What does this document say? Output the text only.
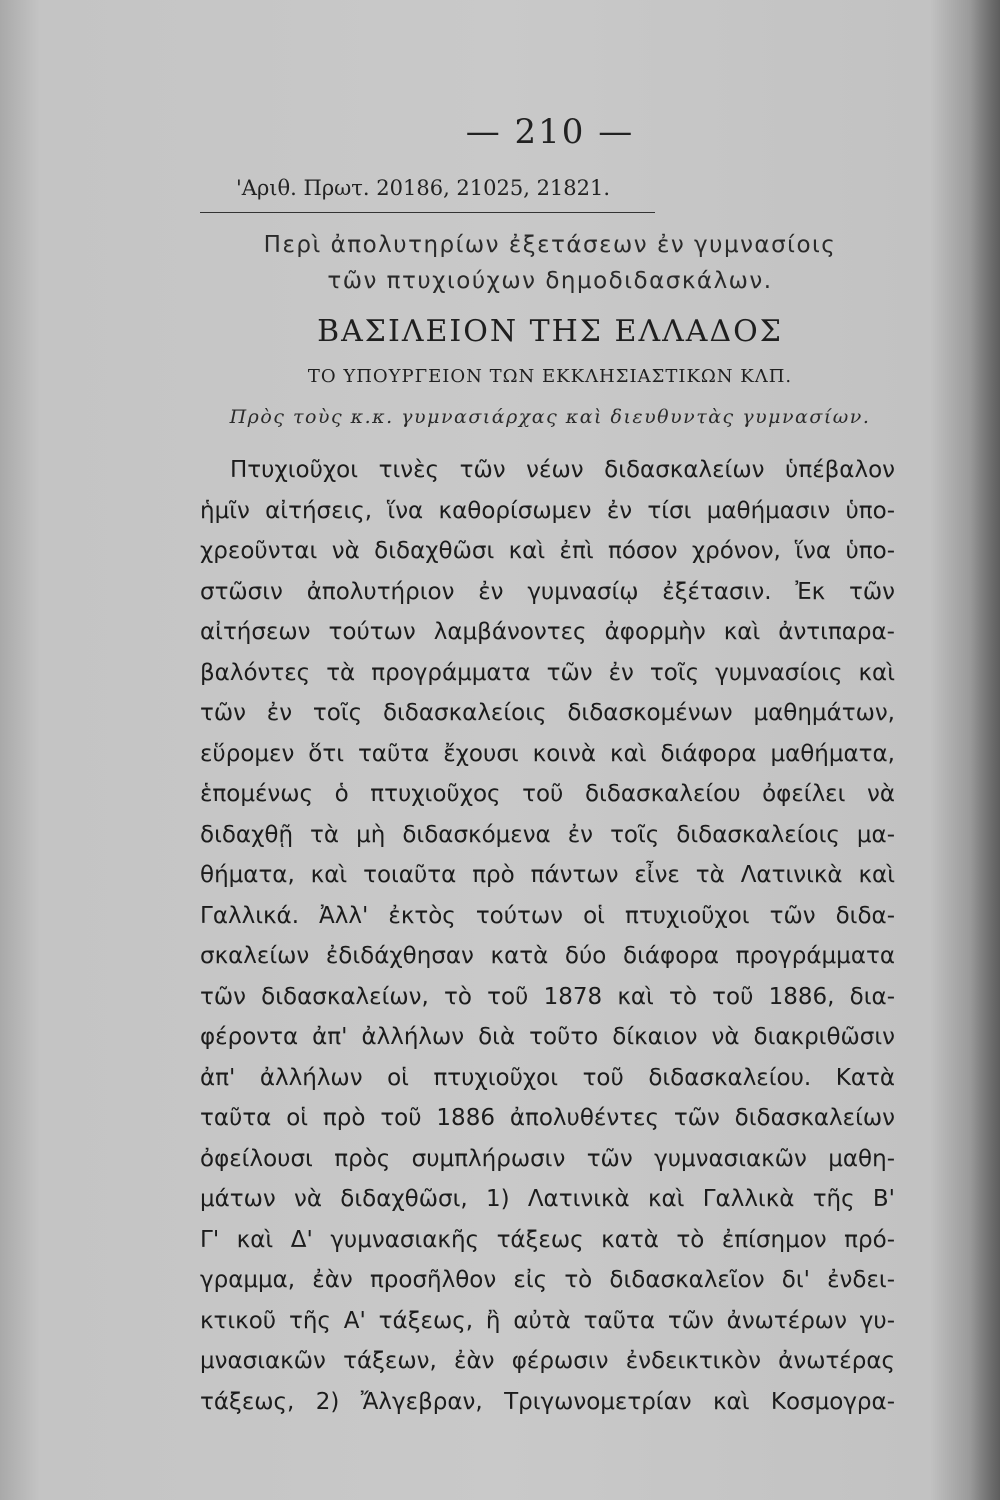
— 210 —
'Αριθ. Πρωτ. 20186, 21025, 21821.
Περὶ ἀπολυτηρίων ἐξετάσεων ἐν γυμνασίοις
τῶν πτυχιούχων δημοδιδασκάλων.
ΒΑΣΙΛΕΙΟΝ ΤΗΣ ΕΛΛΑΔΟΣ
ΤΟ ΥΠΟΥΡΓΕΙΟΝ ΤΩΝ ΕΚΚΛΗΣΙΑΣΤΙΚΩΝ ΚΛΠ.
Πρὸς τοὺς κ.κ. γυμνασιάρχας καὶ διευθυντὰς γυμνασίων.
Πτυχιοῦχοι τινὲς τῶν νέων διδασκαλείων ὑπέβαλον
ἡμῖν αἰτήσεις, ἵνα καθορίσωμεν ἐν τίσι μαθήμασιν ὑπο-
χρεοῦνται νὰ διδαχθῶσι καὶ ἐπὶ πόσον χρόνον, ἵνα ὑπο-
στῶσιν ἀπολυτήριον ἐν γυμνασίῳ ἐξέτασιν. Ἐκ τῶν
αἰτήσεων τούτων λαμβάνοντες ἀφορμὴν καὶ ἀντιπαρα-
βαλόντες τὰ προγράμματα τῶν ἐν τοῖς γυμνασίοις καὶ
τῶν ἐν τοῖς διδασκαλείοις διδασκομένων μαθημάτων,
εὕρομεν ὅτι ταῦτα ἔχουσι κοινὰ καὶ διάφορα μαθήματα,
ἑπομένως ὁ πτυχιοῦχος τοῦ διδασκαλείου ὀφείλει νὰ
διδαχθῇ τὰ μὴ διδασκόμενα ἐν τοῖς διδασκαλείοις μα-
θήματα, καὶ τοιαῦτα πρὸ πάντων εἶνε τὰ Λατινικὰ καὶ
Γαλλικά. Ἀλλ' ἐκτὸς τούτων οἱ πτυχιοῦχοι τῶν διδα-
σκαλείων ἐδιδάχθησαν κατὰ δύο διάφορα προγράμματα
τῶν διδασκαλείων, τὸ τοῦ 1878 καὶ τὸ τοῦ 1886, δια-
φέροντα ἀπ' ἀλλήλων διὰ τοῦτο δίκαιον νὰ διακριθῶσιν
ἀπ' ἀλλήλων οἱ πτυχιοῦχοι τοῦ διδασκαλείου. Κατὰ
ταῦτα οἱ πρὸ τοῦ 1886 ἀπολυθέντες τῶν διδασκαλείων
ὀφείλουσι πρὸς συμπλήρωσιν τῶν γυμνασιακῶν μαθη-
μάτων νὰ διδαχθῶσι, 1) Λατινικὰ καὶ Γαλλικὰ τῆς Β'
Γ' καὶ Δ' γυμνασιακῆς τάξεως κατὰ τὸ ἐπίσημον πρό-
γραμμα, ἐὰν προσῆλθον εἰς τὸ διδασκαλεῖον δι' ἐνδει-
κτικοῦ τῆς Α' τάξεως, ἢ αὐτὰ ταῦτα τῶν ἀνωτέρων γυ-
μνασιακῶν τάξεων, ἐὰν φέρωσιν ἐνδεικτικὸν ἀνωτέρας
τάξεως, 2) Ἄλγεβραν, Τριγωνομετρίαν καὶ Κοσμογρα-
